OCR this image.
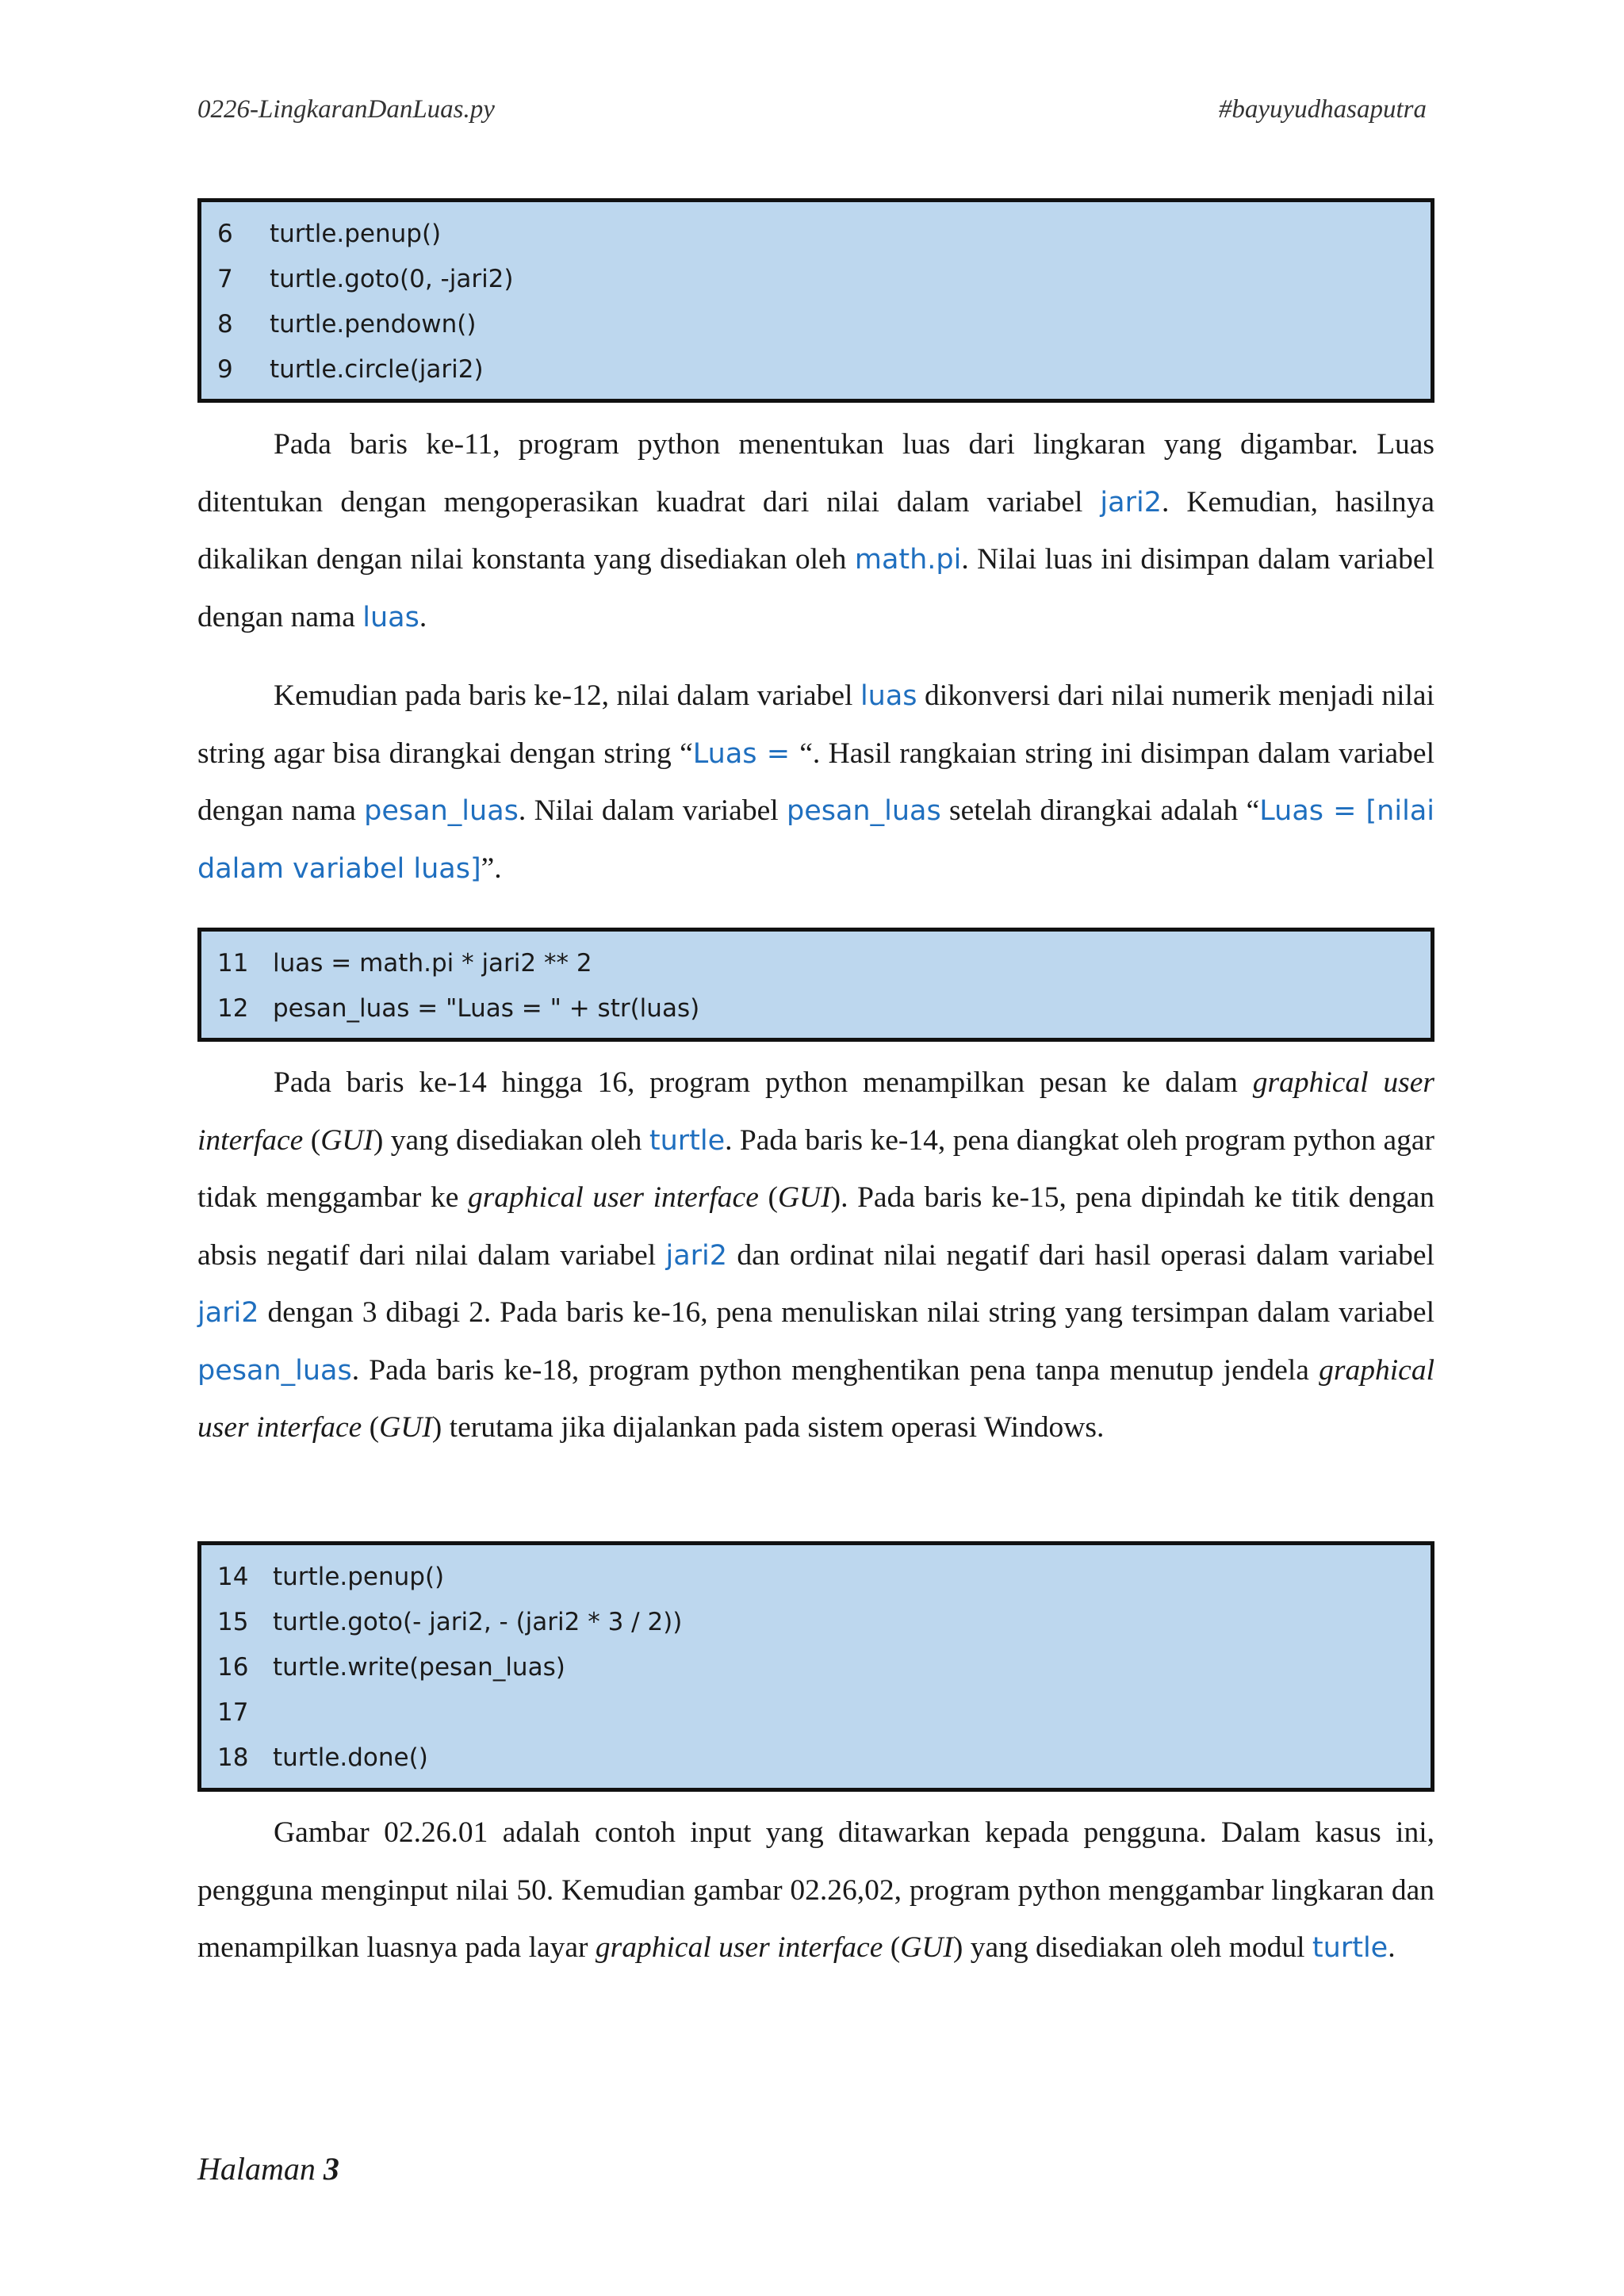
0226-LingkaranDanLuas.py	#bayuyudhasaputra

6

turtle.penup()

7

turtle.goto(0, -jari2)

8

turtle.pendown()

9

turtle.circle(jari2)

Pada baris ke-11, program python menentukan luas dari lingkaran yang digambar. Luas ditentukan dengan mengoperasikan kuadrat dari nilai dalam variabel jari2. Kemudian, hasilnya dikalikan dengan nilai konstanta yang disediakan oleh math.pi. Nilai luas ini disimpan dalam variabel dengan nama luas.

Kemudian pada baris ke-12, nilai dalam variabel luas dikonversi dari nilai numerik menjadi nilai string agar bisa dirangkai dengan string “Luas = “. Hasil rangkaian string ini disimpan dalam variabel dengan nama pesan_luas. Nilai dalam variabel pesan_luas setelah dirangkai adalah “Luas = [nilai dalam variabel luas]”.

11

luas = math.pi * jari2 ** 2

12

pesan_luas = "Luas = " + str(luas)

Pada baris ke-14 hingga 16, program python menampilkan pesan ke dalam graphical user interface (GUI) yang disediakan oleh turtle. Pada baris ke-14, pena diangkat oleh program python agar tidak menggambar ke graphical user interface (GUI). Pada baris ke-15, pena dipindah ke titik dengan absis negatif dari nilai dalam variabel jari2 dan ordinat nilai negatif dari hasil operasi dalam variabel jari2 dengan 3 dibagi 2. Pada baris ke-16, pena menuliskan nilai string yang tersimpan dalam variabel pesan_luas. Pada baris ke-18, program python menghentikan pena tanpa menutup jendela graphical user interface (GUI) terutama jika dijalankan pada sistem operasi Windows.

14

turtle.penup()

15

turtle.goto(- jari2, - (jari2 * 3 / 2))

16

turtle.write(pesan_luas)

17

18

turtle.done()

Gambar 02.26.01 adalah contoh input yang ditawarkan kepada pengguna. Dalam kasus ini, pengguna menginput nilai 50. Kemudian gambar 02.26,02, program python menggambar lingkaran dan menampilkan luasnya pada layar graphical user interface (GUI) yang disediakan oleh modul turtle.

Halaman 3
